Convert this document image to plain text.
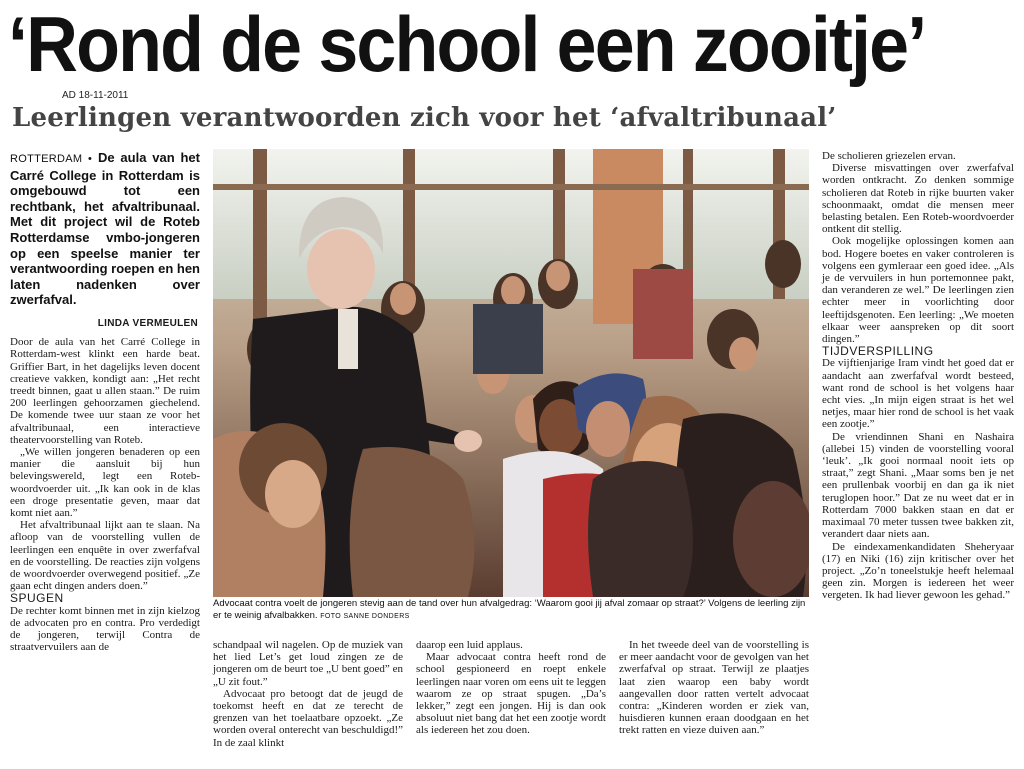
‘Rond de school een zooitje’
AD 18-11-2011
Leerlingen verantwoorden zich voor het ‘afvaltribunaal’
ROTTERDAM • De aula van het Carré College in Rotterdam is omgebouwd tot een rechtbank, het afvaltribunaal. Met dit project wil de Roteb Rotterdamse vmbo-jongeren op een speelse manier ter verantwoording roepen en hen laten nadenken over zwerfafval.
LINDA VERMEULEN

Door de aula van het Carré College in Rotterdam-west klinkt een harde beat. Griffier Bart, in het dagelijks leven docent creatieve vakken, kondigt aan: „Het recht treedt binnen, gaat u allen staan.” De ruim 200 leerlingen gehoorzamen giechelend. De komende twee uur staan ze voor het afvaltribunaal, een interactieve theatervoorstelling van Roteb.

„We willen jongeren benaderen op een manier die aansluit bij hun belevingswereld, legt een Roteb-woordvoerder uit. „Ik kan ook in de klas een droge presentatie geven, maar dat komt niet aan.”

Het afvaltribunaal lijkt aan te slaan. Na afloop van de voorstelling vullen de leerlingen een enquête in over zwerfafval en de voorstelling. De reacties zijn volgens de woordvoerder overwegend positief. „Ze gaan echt dingen anders doen.”

SPUGEN

De rechter komt binnen met in zijn kielzog de advocaten pro en contra. Pro verdedigt de jongeren, terwijl Contra de straatvervuilers aan de

Advocaat contra voelt de jongeren stevig aan de tand over hun afvalgedrag: ‘Waarom gooi jij afval zomaar op straat?’ Volgens de leerling zijn er te weinig afvalbakken. FOTO SANNE DONDERS

schandpaal wil nagelen. Op de muziek van het lied Let’s get loud zingen ze de jongeren om de beurt toe „U bent goed” en „U zit fout.”

Advocaat pro betoogt dat de jeugd de toekomst heeft en dat ze terecht de grenzen van het toelaatbare opzoekt. „Ze worden overal onterecht van beschuldigd!” In de zaal klinkt

daarop een luid applaus.

Maar advocaat contra heeft rond de school gespioneerd en roept enkele leerlingen naar voren om eens uit te leggen waarom ze op straat spugen. „Da’s lekker,” zegt een jongen. Hij is dan ook absoluut niet bang dat het een zootje wordt als iedereen het zou doen.

In het tweede deel van de voorstelling is er meer aandacht voor de gevolgen van het zwerfafval op straat. Terwijl ze plaatjes laat zien waarop een baby wordt aangevallen door ratten vertelt advocaat contra: „Kinderen worden er ziek van, huisdieren kunnen eraan doodgaan en het trekt ratten en vieze duiven aan.”

De scholieren griezelen ervan.

Diverse misvattingen over zwerfafval worden ontkracht. Zo denken sommige scholieren dat Roteb in rijke buurten vaker schoonmaakt, omdat die mensen meer belasting betalen. Een Roteb-woordvoerder ontkent dit stellig.

Ook mogelijke oplossingen komen aan bod. Hogere boetes en vaker controleren is volgens een gymleraar een goed idee. „Als je de vervuilers in hun portemonnee pakt, dan veranderen ze wel.” De leerlingen zien echter meer in voorlichting door leeftijdsgenoten. Een leerling: „We moeten elkaar weer aanspreken op dit soort dingen.”

TIJDVERSPILLING

De vijftienjarige Iram vindt het goed dat er aandacht aan zwerfafval wordt besteed, want rond de school is het volgens haar echt vies. „In mijn eigen straat is het wel netjes, maar hier rond de school is het vaak een zootje.”

De vriendinnen Shani en Nashaira (allebei 15) vinden de voorstelling vooral ‘leuk’. „Ik gooi normaal nooit iets op straat,” zegt Shani. „Maar soms ben je net een prullenbak voorbij en dan ga ik niet teruglopen hoor.” Dat ze nu weet dat er in Rotterdam 7000 bakken staan en dat er maximaal 70 meter tussen twee bakken zit, verandert daar niets aan.

De eindexamenkandidaten Sheheryaar (17) en Niki (16) zijn kritischer over het project. „Zo’n toneelstukje heeft helemaal geen zin. Morgen is iedereen het weer vergeten. Ik had liever gewoon les gehad.”
